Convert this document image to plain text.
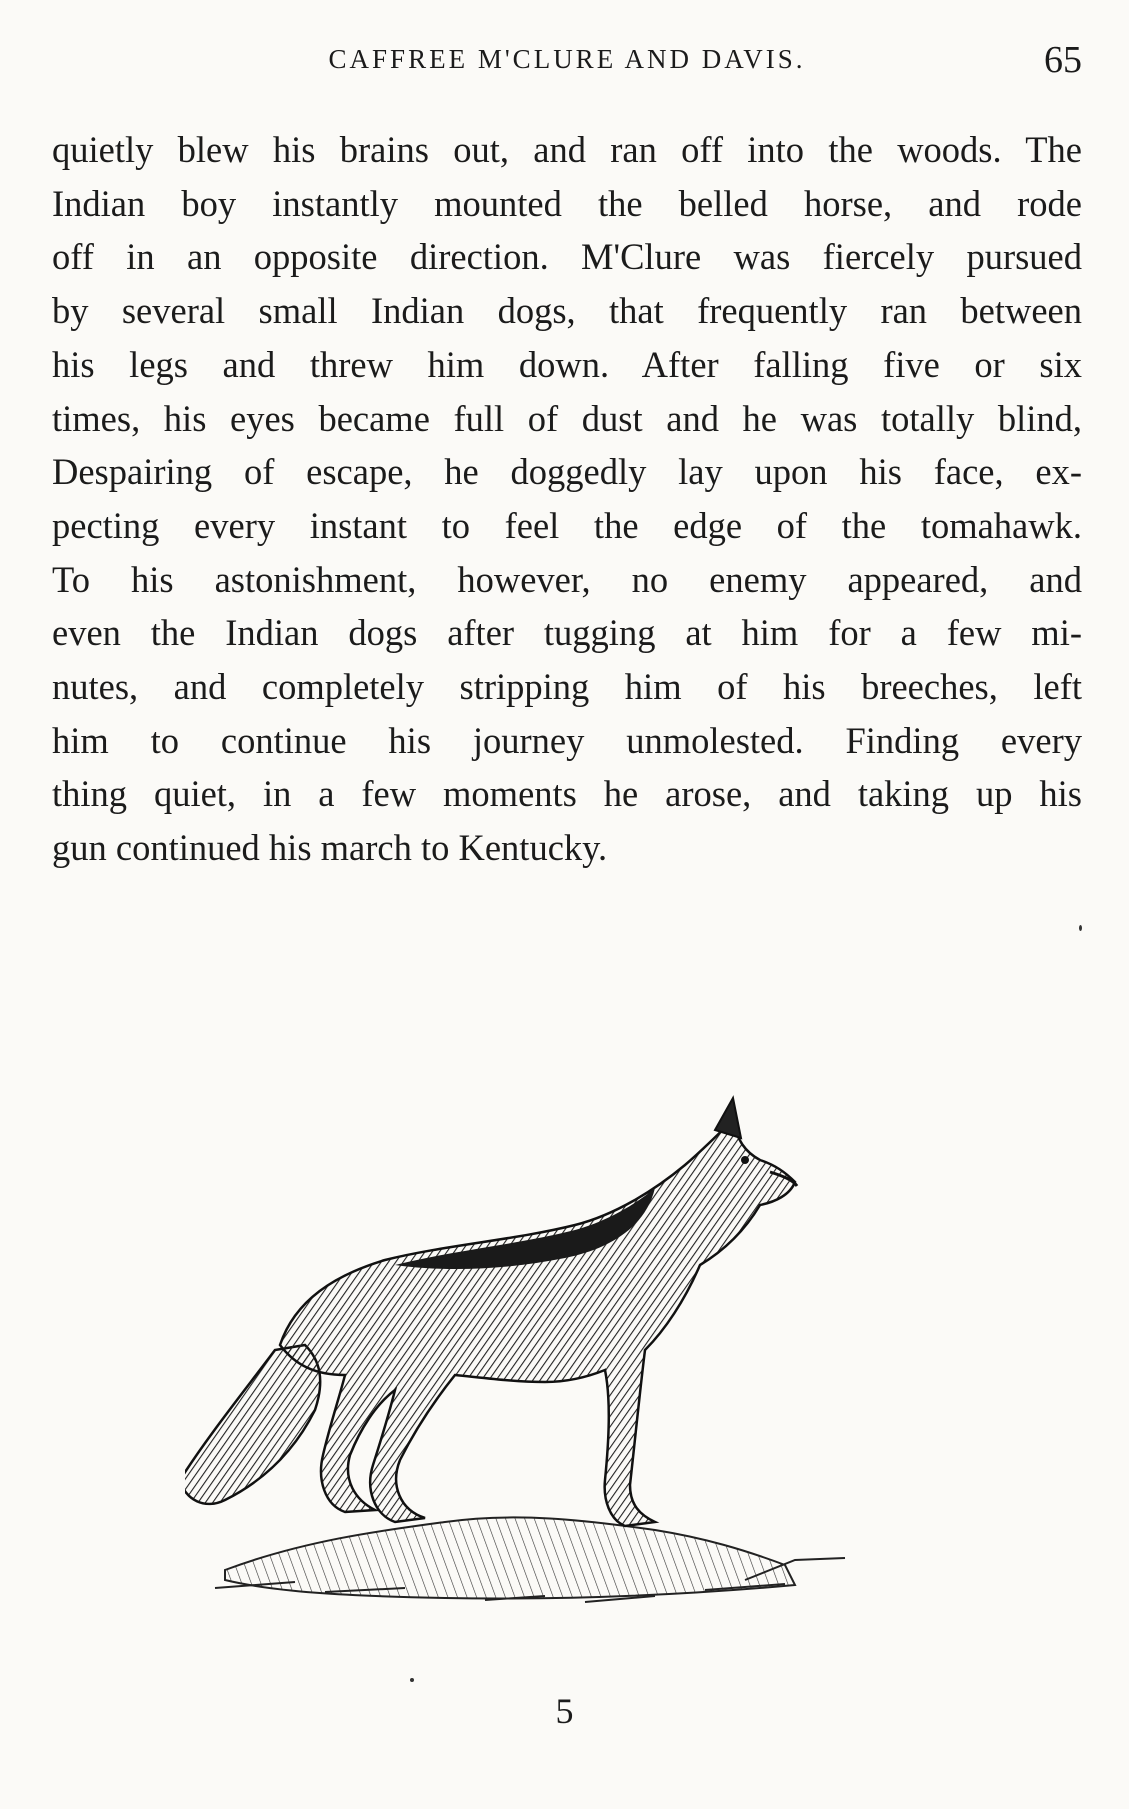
CAFFREE M'CLURE AND DAVIS.	65
quietly blew his brains out, and ran off into the woods. The
Indian boy instantly mounted the belled horse, and rode
off in an opposite direction. M'Clure was fiercely pursued
by several small Indian dogs, that frequently ran between
his legs and threw him down. After falling five or six
times, his eyes became full of dust and he was totally blind,
Despairing of escape, he doggedly lay upon his face, ex-
pecting every instant to feel the edge of the tomahawk.
To his astonishment, however, no enemy appeared, and
even the Indian dogs after tugging at him for a few mi-
nutes, and completely stripping him of his breeches, left
him to continue his journey unmolested. Finding every
thing quiet, in a few moments he arose, and taking up his
gun continued his march to Kentucky.
5
